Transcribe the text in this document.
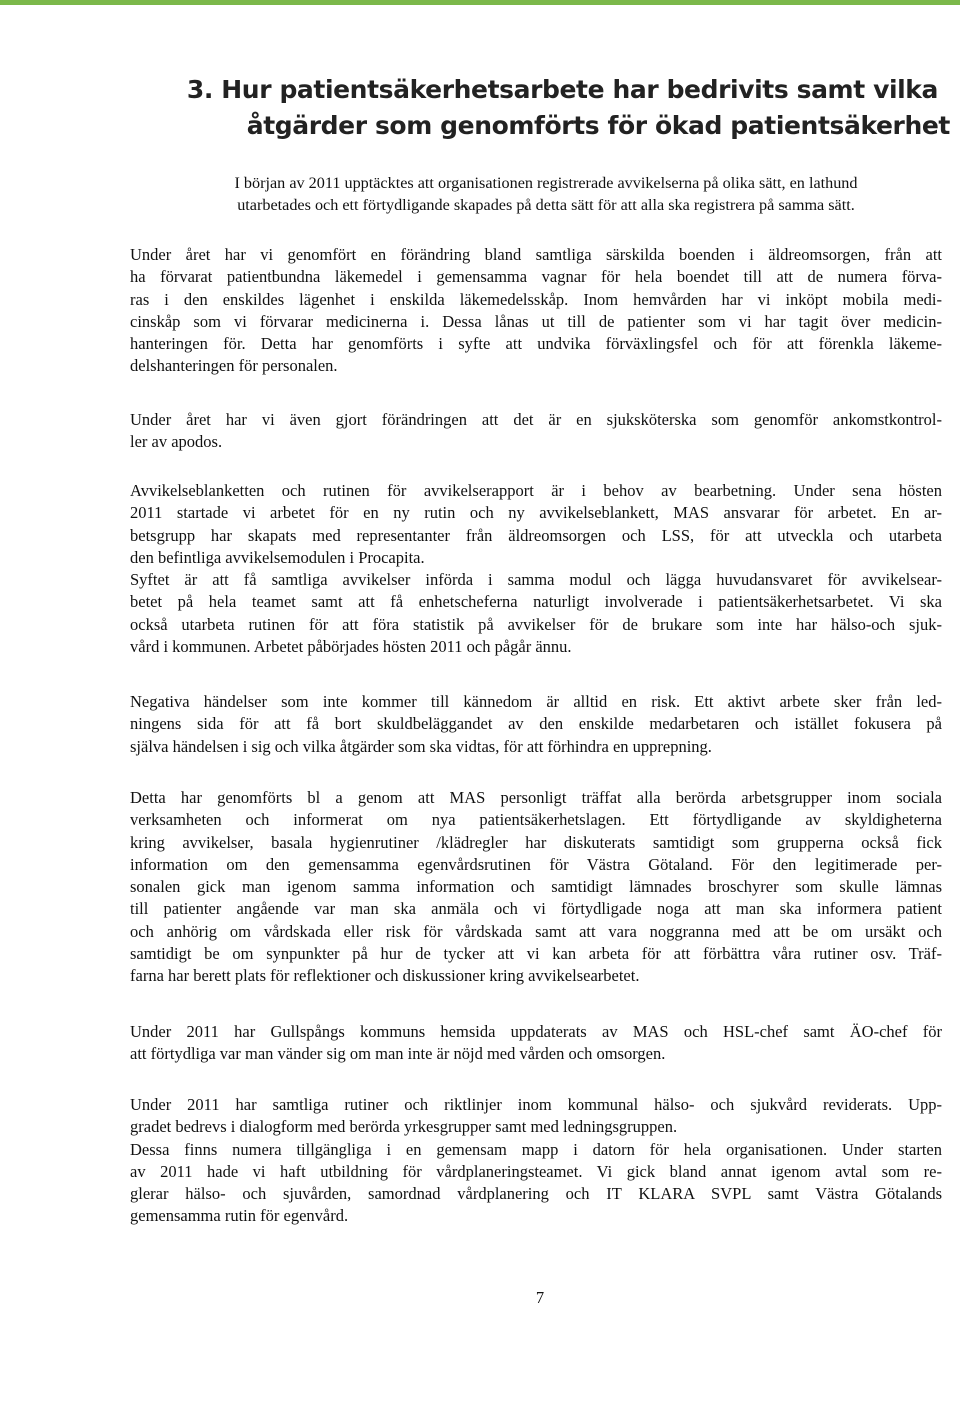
3. Hur patientsäkerhetsarbete har bedrivits samt vilka
åtgärder som genomförts för ökad patientsäkerhet
I början av 2011 upptäcktes att organisationen registrerade avvikelserna på olika sätt, en lathund
utarbetades och ett förtydligande skapades på detta sätt för att alla ska registrera på samma sätt.
Under året har vi genomfört en förändring bland samtliga särskilda boenden i äldreomsorgen, från att
ha förvarat patientbundna läkemedel i gemensamma vagnar för hela boendet till att de numera förva-
ras i den enskildes lägenhet i enskilda läkemedelsskåp. Inom hemvården har vi inköpt mobila medi-
cinskåp som vi förvarar medicinerna i. Dessa lånas ut till de patienter som vi har tagit över medicin-
hanteringen för. Detta har genomförts i syfte att undvika förväxlingsfel och för att förenkla läkeme-
delshanteringen för personalen.
Under året har vi även gjort förändringen att det är en sjuksköterska som genomför ankomstkontrol-
ler av apodos.
Avvikelseblanketten och rutinen för avvikelserapport är i behov av bearbetning. Under sena hösten
2011 startade vi arbetet för en ny rutin och ny avvikelseblankett, MAS ansvarar för arbetet. En ar-
betsgrupp har skapats med representanter från äldreomsorgen och LSS, för att utveckla och utarbeta
den befintliga avvikelsemodulen i Procapita.
Syftet är att få samtliga avvikelser införda i samma modul och lägga huvudansvaret för avvikelsear-
betet på hela teamet samt att få enhetscheferna naturligt involverade i patientsäkerhetsarbetet. Vi ska
också utarbeta rutinen för att föra statistik på avvikelser för de brukare som inte har hälso-och sjuk-
vård i kommunen. Arbetet påbörjades hösten 2011 och pågår ännu.
Negativa händelser som inte kommer till kännedom är alltid en risk. Ett aktivt arbete sker från led-
ningens sida för att få bort skuldbeläggandet av den enskilde medarbetaren och istället fokusera på
själva händelsen i sig och vilka åtgärder som ska vidtas, för att förhindra en upprepning.
Detta har genomförts bl a genom att MAS personligt träffat alla berörda arbetsgrupper inom sociala
verksamheten och informerat om nya patientsäkerhetslagen. Ett förtydligande av skyldigheterna
kring avvikelser, basala hygienrutiner /klädregler har diskuterats samtidigt som grupperna också fick
information om den gemensamma egenvårdsrutinen för Västra Götaland. För den legitimerade per-
sonalen gick man igenom samma information och samtidigt lämnades broschyrer som skulle lämnas
till patienter angående var man ska anmäla och vi förtydligade noga att man ska informera patient
och anhörig om vårdskada eller risk för vårdskada samt att vara noggranna med att be om ursäkt och
samtidigt be om synpunkter på hur de tycker att vi kan arbeta för att förbättra våra rutiner osv. Träf-
farna har berett plats för reflektioner och diskussioner kring avvikelsearbetet.
Under 2011 har Gullspångs kommuns hemsida uppdaterats av MAS och HSL-chef samt ÄO-chef för
att förtydliga var man vänder sig om man inte är nöjd med vården och omsorgen.
Under 2011 har samtliga rutiner och riktlinjer inom kommunal hälso- och sjukvård reviderats. Upp-
gradet bedrevs i dialogform med berörda yrkesgrupper samt med ledningsgruppen.
Dessa finns numera tillgängliga i en gemensam mapp i datorn för hela organisationen. Under starten
av 2011 hade vi haft utbildning för vårdplaneringsteamet. Vi gick bland annat igenom avtal som re-
glerar hälso- och sjuvården, samordnad vårdplanering och IT KLARA SVPL samt Västra Götalands
gemensamma rutin för egenvård.
7
